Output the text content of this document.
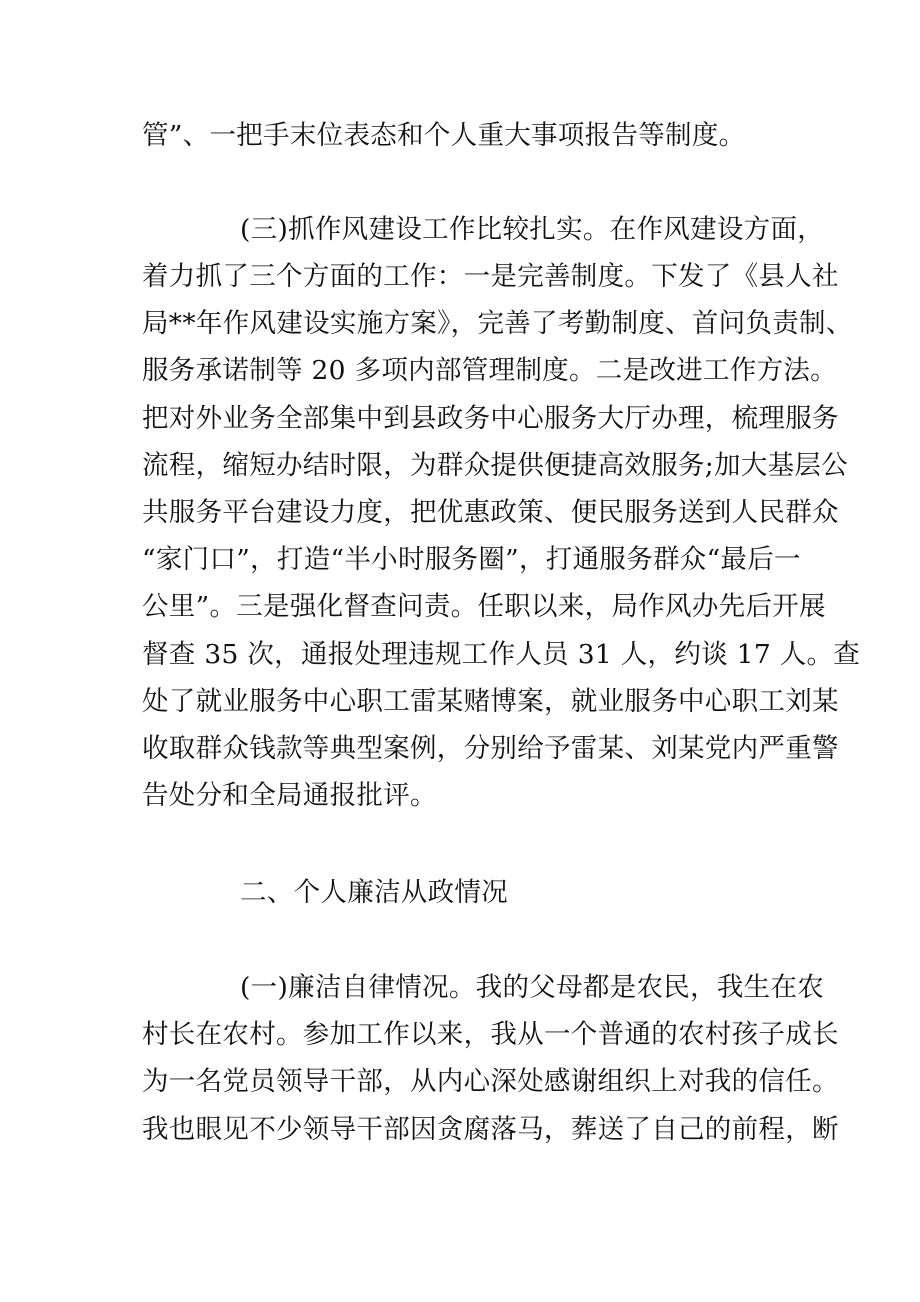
管”、一把手末位表态和个人重大事项报告等制度。
(三)抓作风建设工作比较扎实。在作风建设方面，
着力抓了三个方面的工作：一是完善制度。下发了《县人社
局**年作风建设实施方案》，完善了考勤制度、首问负责制、
服务承诺制等 20 多项内部管理制度。二是改进工作方法。
把对外业务全部集中到县政务中心服务大厅办理，梳理服务
流程，缩短办结时限，为群众提供便捷高效服务;加大基层公
共服务平台建设力度，把优惠政策、便民服务送到人民群众
“家门口”，打造“半小时服务圈”，打通服务群众“最后一
公里”。三是强化督查问责。任职以来，局作风办先后开展
督查 35 次，通报处理违规工作人员 31 人，约谈 17 人。查
处了就业服务中心职工雷某赌博案，就业服务中心职工刘某
收取群众钱款等典型案例，分别给予雷某、刘某党内严重警
告处分和全局通报批评。
二、个人廉洁从政情况
(一)廉洁自律情况。我的父母都是农民，我生在农
村长在农村。参加工作以来，我从一个普通的农村孩子成长
为一名党员领导干部，从内心深处感谢组织上对我的信任。
我也眼见不少领导干部因贪腐落马，葬送了自己的前程，断
